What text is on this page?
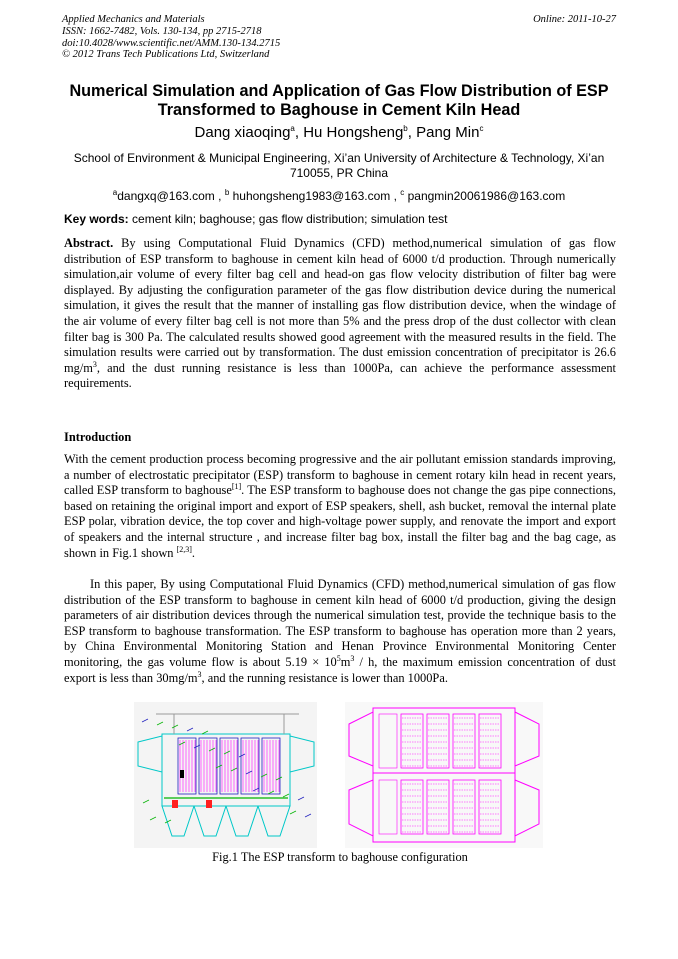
Applied Mechanics and Materials
ISSN: 1662-7482, Vols. 130-134, pp 2715-2718
doi:10.4028/www.scientific.net/AMM.130-134.2715
© 2012 Trans Tech Publications Ltd, Switzerland
Online: 2011-10-27
Numerical Simulation and Application of Gas Flow Distribution of ESP Transformed to Baghouse in Cement Kiln Head
Dang xiaoqing$^a$, Hu Hongsheng$^b$, Pang Min$^c$
School of Environment & Municipal Engineering, Xi’an University of Architecture & Technology, Xi’an 710055, PR China
$^a$dangxq@163.com , $^b$ huhongsheng1983@163.com , $^c$ pangmin20061986@163.com
Key words: cement kiln; baghouse; gas flow distribution; simulation test
Abstract. By using Computational Fluid Dynamics (CFD) method,numerical simulation of gas flow distribution of ESP transform to baghouse in cement kiln head of 6000 t/d production. Through numerically simulation,air volume of every filter bag cell and head-on gas flow velocity distribution of filter bag were displayed. By adjusting the configuration parameter of the gas flow distribution device during the numerical simulation, it gives the result that the manner of installing gas flow distribution device, when the windage of the air volume of every filter bag cell is not more than 5% and the press drop of the dust collector with clean filter bag is 300 Pa. The calculated results showed good agreement with the measured results in the field. The simulation results were carried out by transformation. The dust emission concentration of precipitator is 26.6 $mg/m^3$, and the dust running resistance is less than 1000Pa, can achieve the performance assessment requirements.
Introduction
With the cement production process becoming progressive and the air pollutant emission standards improving, a number of electrostatic precipitator (ESP) transform to baghouse in cement rotary kiln head in recent years, called ESP transform to baghouse[1]. The ESP transform to baghouse does not change the gas pipe connections, based on retaining the original import and export of ESP speakers, shell, ash bucket, removal the internal plate ESP polar, vibration device, the top cover and high-voltage power supply, and renovate the import and export of speakers and the internal structure , and increase filter bag box, install the filter bag and the bag cage, as shown in Fig.1 shown [2,3].
In this paper, By using Computational Fluid Dynamics (CFD) method,numerical simulation of gas flow distribution of the ESP transform to baghouse in cement kiln head of 6000 t/d production, giving the design parameters of air distribution devices through the numerical simulation test, provide the technique basis to the ESP transform to baghouse transformation. The ESP transform to baghouse has operation more than 2 years, by China Environmental Monitoring Station and Henan Province Environmental Monitoring Center monitoring, the gas volume flow is about $5.19 \times 10^5m^3 / h$, the maximum emission concentration of dust export is less than $30mg/m^3$, and the running resistance is lower than 1000Pa.
Fig.1 The ESP transform to baghouse configuration
